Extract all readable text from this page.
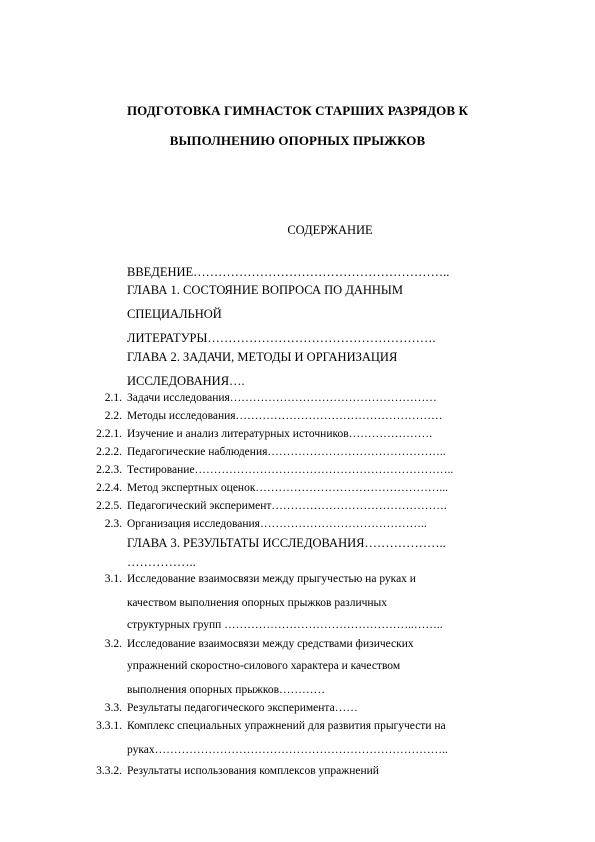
ПОДГОТОВКА ГИМНАСТОК СТАРШИХ РАЗРЯДОВ К
ВЫПОЛНЕНИЮ ОПОРНЫХ ПРЫЖКОВ
СОДЕРЖАНИЕ
ВВЕДЕНИЕ……………………………………………………..
ГЛАВА 1. СОСТОЯНИЕ ВОПРОСА ПО ДАННЫМ
СПЕЦИАЛЬНОЙ
ЛИТЕРАТУРЫ……………………………………………….
ГЛАВА 2. ЗАДАЧИ, МЕТОДЫ И ОРГАНИЗАЦИЯ
ИССЛЕДОВАНИЯ….
2.1. Задачи исследования………………………………………………
2.2. Методы исследования………………………………………………
2.2.1. Изучение и анализ литературных источников………………….
2.2.2. Педагогические наблюдения………………………………………..
2.2.3. Тестирование…………………………………………………………..
2.2.4. Метод экспертных оценок…………………………………………...
2.2.5. Педагогический эксперимент……………………………………….
2.3. Организация исследования……………………………………..
ГЛАВА 3. РЕЗУЛЬТАТЫ ИССЛЕДОВАНИЯ………………..
……………..
3.1. Исследование взаимосвязи между прыгучестью на руках и
качеством выполнения опорных прыжков различных
структурных групп …………………………………………..……..
3.2. Исследование взаимосвязи между средствами физических
упражнений скоростно-силового характера и качеством
выполнения опорных прыжков…………
3.3. Результаты педагогического эксперимента……
3.3.1. Комплекс специальных упражнений для развития прыгучести на
руках…………………………………………………………………..
3.3.2. Результаты использования комплексов упражнений
